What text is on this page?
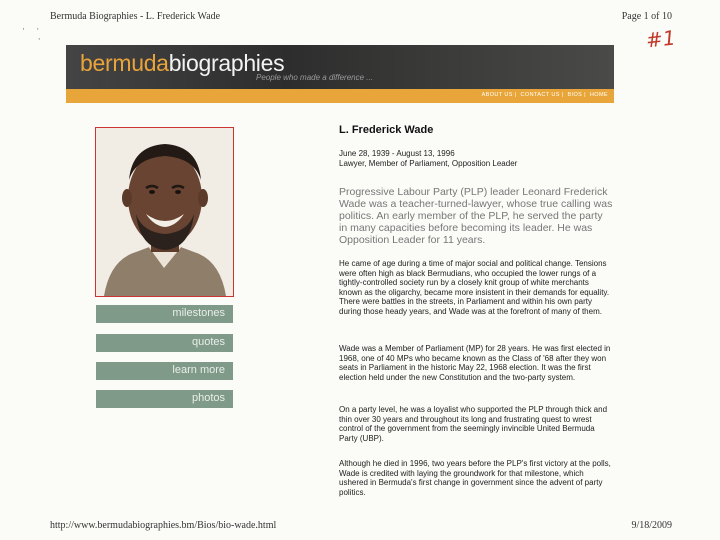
Bermuda Biographies - L. Frederick Wade	Page 1 of 10
·     ·
·	#1
bermudabiographies
People who made a difference ...
ABOUT US | CONTACT US | BIOS | HOME
milestones
quotes
learn more
photos
L. Frederick Wade
June 28, 1939 - August 13, 1996
Lawyer, Member of Parliament, Opposition Leader
Progressive Labour Party (PLP) leader Leonard Frederick Wade was a teacher-turned-lawyer, whose true calling was politics. An early member of the PLP, he served the party in many capacities before becoming its leader. He was Opposition Leader for 11 years.
He came of age during a time of major social and political change. Tensions were often high as black Bermudians, who occupied the lower rungs of a tightly-controlled society run by a closely knit group of white merchants known as the oligarchy, became more insistent in their demands for equality. There were battles in the streets, in Parliament and within his own party during those heady years, and Wade was at the forefront of many of them.
Wade was a Member of Parliament (MP) for 28 years. He was first elected in 1968, one of 40 MPs who became known as the Class of '68 after they won seats in Parliament in the historic May 22, 1968 election. It was the first election held under the new Constitution and the two-party system.
On a party level, he was a loyalist who supported the PLP through thick and thin over 30 years and throughout its long and frustrating quest to wrest control of the government from the seemingly invincible United Bermuda Party (UBP).
Although he died in 1996, two years before the PLP's first victory at the polls, Wade is credited with laying the groundwork for that milestone, which ushered in Bermuda's first change in government since the advent of party politics.
http://www.bermudabiographies.bm/Bios/bio-wade.html	9/18/2009
